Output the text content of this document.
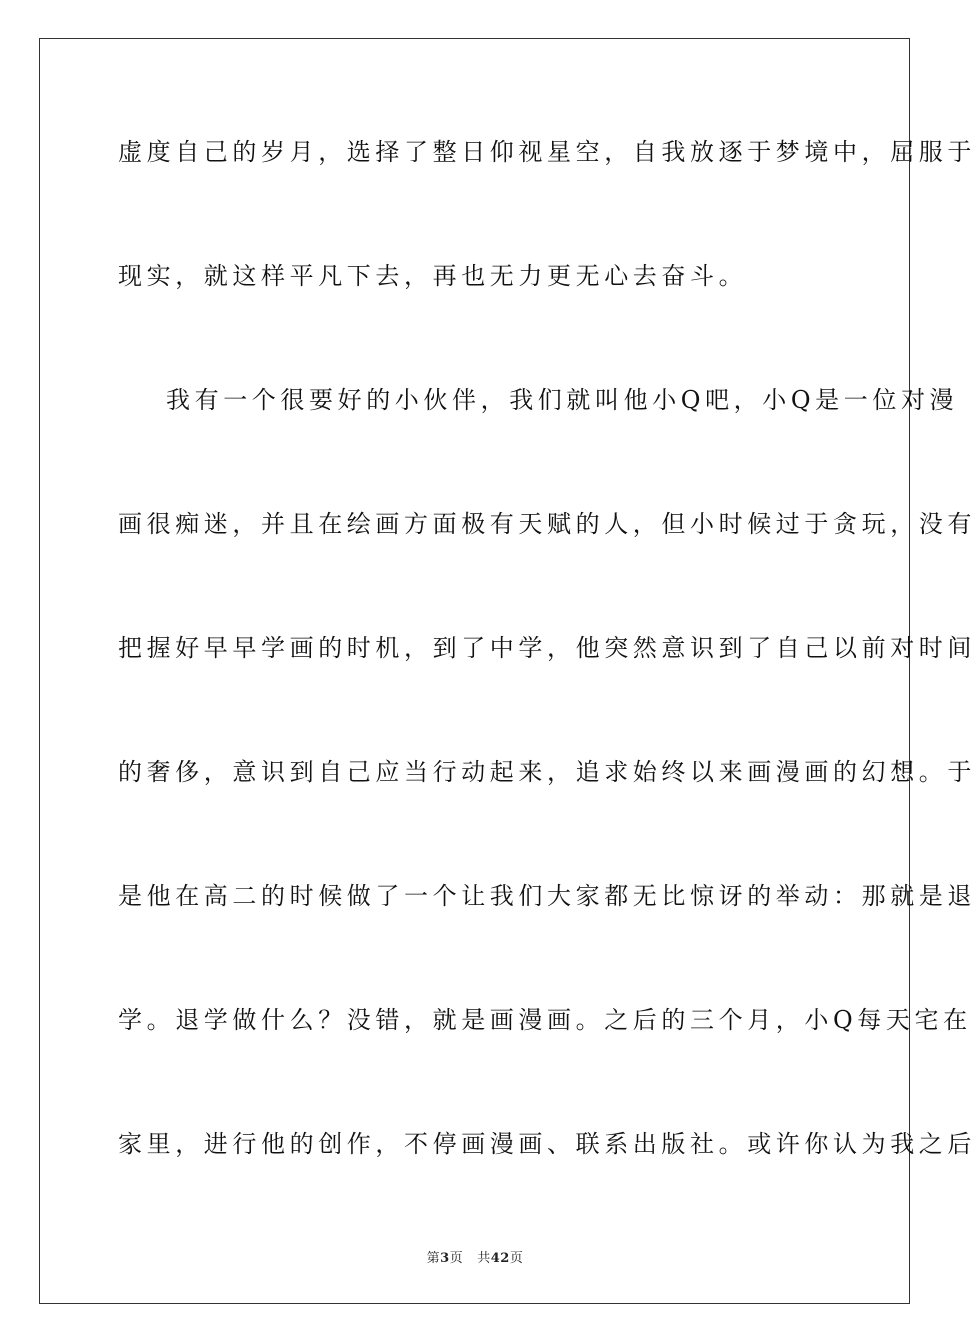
虚度自己的岁月，选择了整日仰视星空，自我放逐于梦境中，屈服于
现实，就这样平凡下去，再也无力更无心去奋斗。
我有一个很要好的小伙伴，我们就叫他小Q吧，小Q是一位对漫
画很痴迷，并且在绘画方面极有天赋的人，但小时候过于贪玩，没有
把握好早早学画的时机，到了中学，他突然意识到了自己以前对时间
的奢侈，意识到自己应当行动起来，追求始终以来画漫画的幻想。于
是他在高二的时候做了一个让我们大家都无比惊讶的举动：那就是退
学。退学做什么？没错，就是画漫画。之后的三个月，小Q每天宅在
家里，进行他的创作，不停画漫画、联系出版社。或许你认为我之后
第3页 共42页
